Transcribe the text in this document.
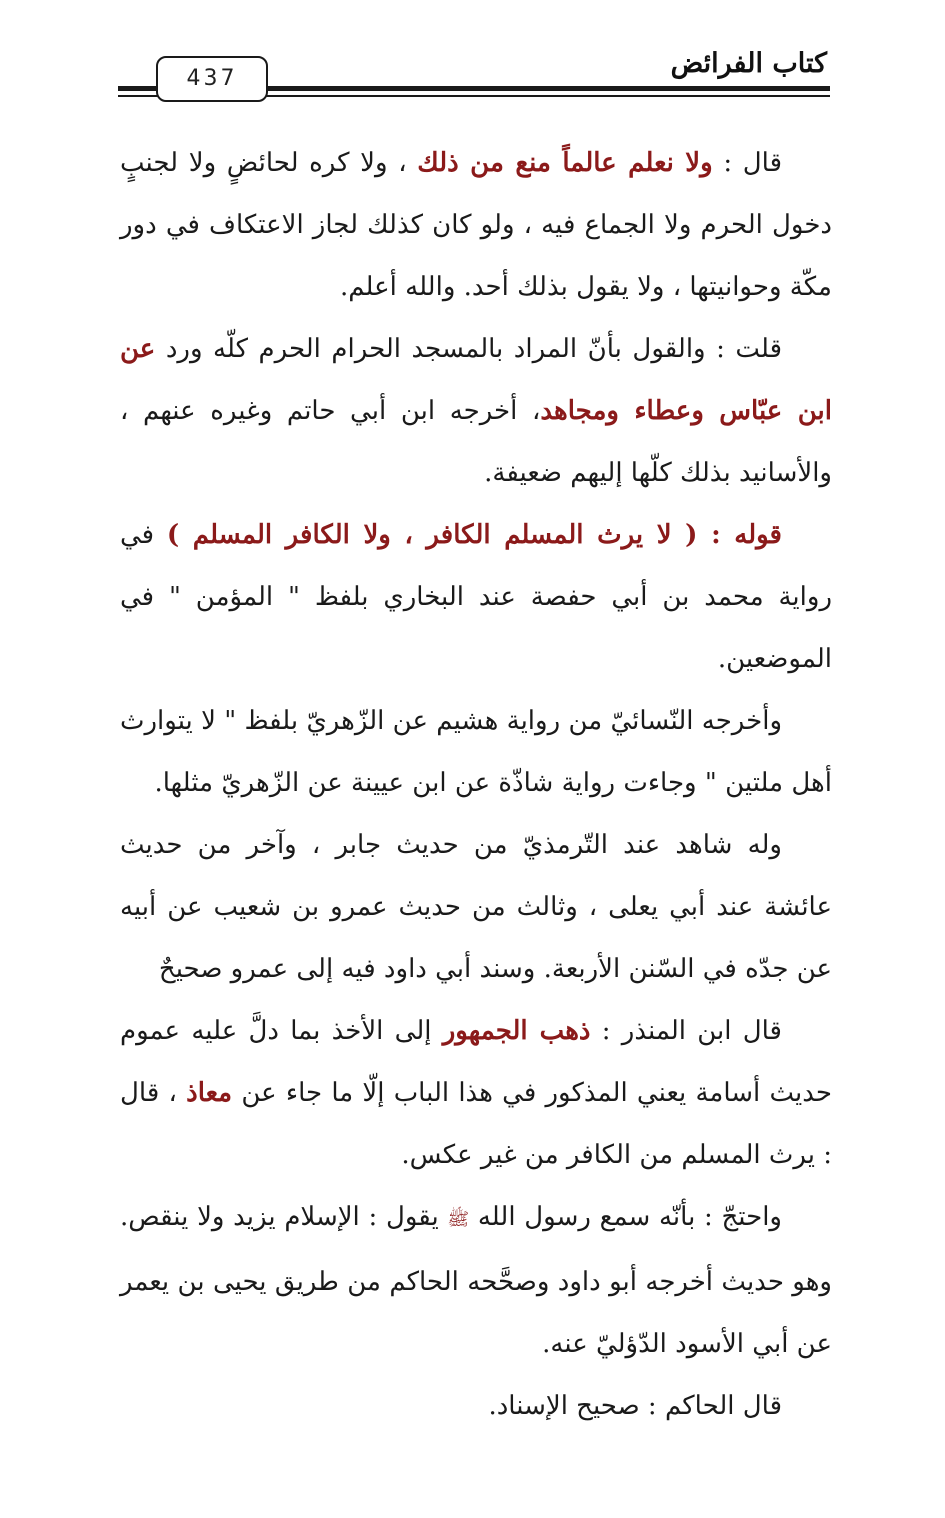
كتاب الفرائض
437

قال : ولا نعلم عالماً منع من ذلك ، ولا كره لحائضٍ ولا لجنبٍ دخول الحرم ولا الجماع فيه ، ولو كان كذلك لجاز الاعتكاف في دور مكّة وحوانيتها ، ولا يقول بذلك أحد. والله أعلم.

قلت : والقول بأنّ المراد بالمسجد الحرام الحرم كلّه ورد عن ابن عبّاس وعطاء ومجاهد، أخرجه ابن أبي حاتم وغيره عنهم ، والأسانيد بذلك كلّها إليهم ضعيفة.

قوله : ( لا يرث المسلم الكافر ، ولا الكافر المسلم ) في رواية محمد بن أبي حفصة عند البخاري بلفظ " المؤمن " في الموضعين.

وأخرجه النّسائيّ من رواية هشيم عن الزّهريّ بلفظ " لا يتوارث أهل ملتين " وجاءت رواية شاذّة عن ابن عيينة عن الزّهريّ مثلها.

وله شاهد عند التّرمذيّ من حديث جابر ، وآخر من حديث عائشة عند أبي يعلى ، وثالث من حديث عمرو بن شعيب عن أبيه عن جدّه في السّنن الأربعة. وسند أبي داود فيه إلى عمرو صحيحٌ

قال ابن المنذر : ذهب الجمهور إلى الأخذ بما دلَّ عليه عموم حديث أسامة يعني المذكور في هذا الباب إلّا ما جاء عن معاذ ، قال : يرث المسلم من الكافر من غير عكس.

واحتجّ : بأنّه سمع رسول الله ﷺ يقول : الإسلام يزيد ولا ينقص. وهو حديث أخرجه أبو داود وصحَّحه الحاكم من طريق يحيى بن يعمر عن أبي الأسود الدّؤليّ عنه.

قال الحاكم : صحيح الإسناد.
